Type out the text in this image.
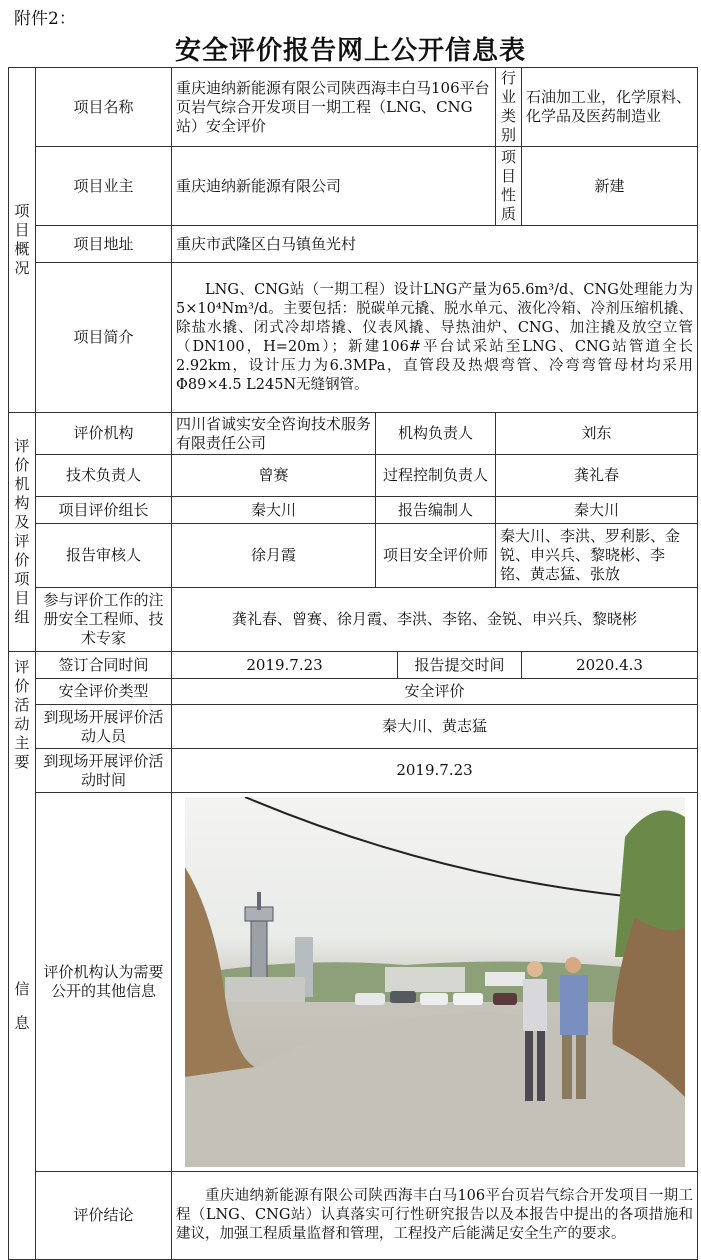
附件2：
安全评价报告网上公开信息表
项目概况	项目名称	重庆迪纳新能源有限公司陕西海丰白马106平台页岩气综合开发项目一期工程（LNG、CNG站）安全评价			行业类别	石油加工业，化学原料、化学品及医药制造业
	项目业主	重庆迪纳新能源有限公司			项目性质	新建
	项目地址	重庆市武隆区白马镇鱼光村				
	项目简介	LNG、CNG站（一期工程）设计LNG产量为65.6m³/d、CNG处理能力为5×10⁴Nm³/d。主要包括：脱碳单元撬、脱水单元、液化冷箱、冷剂压缩机撬、除盐水撬、闭式冷却塔撬、仪表风撬、导热油炉、CNG、加注撬及放空立管（DN100，H=20m）；新建106#平台试采站至LNG、CNG站管道全长2.92km，设计压力为6.3MPa，直管段及热煨弯管、冷弯弯管母材均采用Φ89×4.5 L245N无缝钢管。				

评价机构及评价项目组	评价机构	四川省诚实安全咨询技术服务有限责任公司	机构负责人		刘东	
	技术负责人	曾赛	过程控制负责人		龚礼春	
	项目评价组长	秦大川	报告编制人		秦大川	
	报告审核人	徐月霞	项目安全评价师		秦大川、李洪、罗利影、金锐、申兴兵、黎晓彬、李铭、黄志猛、张放	
	参与评价工作的注册安全工程师、技术专家	龚礼春、曾赛、徐月霞、李洪、李铭、金锐、申兴兵、黎晓彬				

评价活动主要
信息	签订合同时间	2019.7.23		报告提交时间		2020.4.3
	安全评价类型	安全评价				
	到现场开展评价活动人员	秦大川、黄志猛				
	到现场开展评价活动时间	2019.7.23				
	评价机构认为需要公开的其他信息	

	评价结论	重庆迪纳新能源有限公司陕西海丰白马106平台页岩气综合开发项目一期工程（LNG、CNG站）认真落实可行性研究报告以及本报告中提出的各项措施和建议，加强工程质量监督和管理，工程投产后能满足安全生产的要求。				
